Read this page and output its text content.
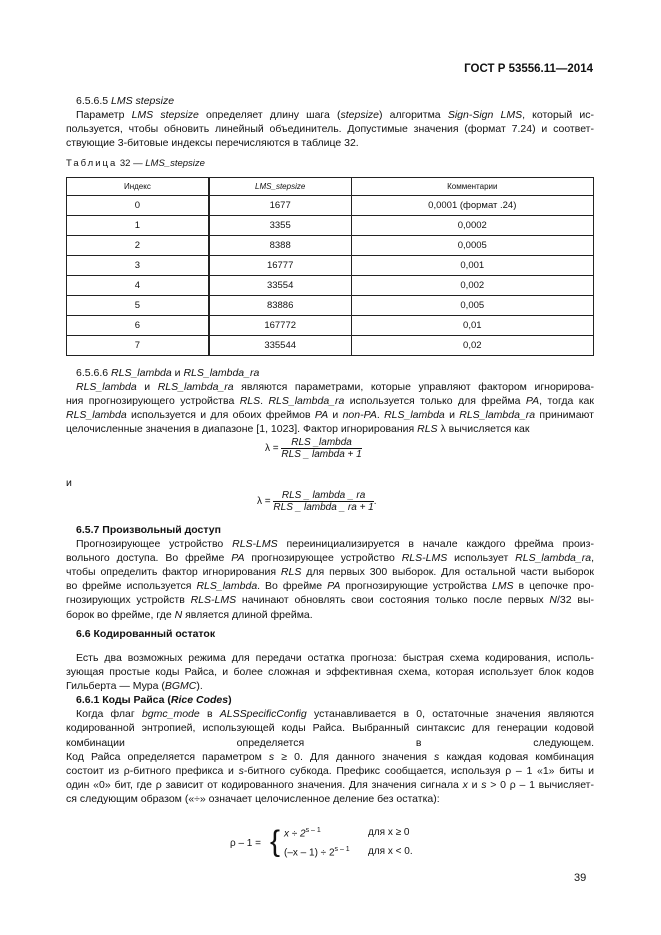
ГОСТ Р 53556.11—2014
6.5.6.5 LMS stepsize
Параметр LMS stepsize определяет длину шага (stepsize) алгоритма Sign-Sign LMS, который ис-
пользуется, чтобы обновить линейный объединитель. Допустимые значения (формат 7.24) и соответ-
ствующие 3-битовые индексы перечисляются в таблице 32.
Таблица 32 — LMS_stepsize
Индекс	LMS_stepsize	Комментарии
0	1677	0,0001 (формат .24)
1	3355	0,0002
2	8388	0,0005
3	16777	0,001
4	33554	0,002
5	83886	0,005
6	167772	0,01
7	335544	0,02
6.5.6.6 RLS_lambda и RLS_lambda_ra
RLS_lambda и RLS_lambda_ra являются параметрами, которые управляют фактором игнорирова-
ния прогнозирующего устройства RLS. RLS_lambda_ra используется только для фрейма PA, тогда как
RLS_lambda используется и для обоих фреймов PA и non-PA. RLS_lambda и RLS_lambda_ra принимают
целочисленные значения в диапазоне [1, 1023]. Фактор игнорирования RLS λ вычисляется как
$\lambda = \frac{\text{RLS \_lambda}}{\text{RLS \_ lambda + 1}}$
и
$\lambda = \frac{\text{RLS \_ lambda \_ ra}}{\text{RLS \_ lambda \_ ra + 1}}$ .
6.5.7 Произвольный доступ
Прогнозирующее устройство RLS-LMS переинициализируется в начале каждого фрейма произ-
вольного доступа. Во фрейме PA прогнозирующее устройство RLS-LMS использует RLS_lambda_ra,
чтобы определить фактор игнорирования RLS для первых 300 выборок. Для остальной части выборок
во фрейме используется RLS_lambda. Во фрейме PA прогнозирующие устройства LMS в цепочке про-
гнозирующих устройств RLS-LMS начинают обновлять свои состояния только после первых N/32 вы-
борок во фрейме, где N является длиной фрейма.
6.6 Кодированный остаток
Есть два возможных режима для передачи остатка прогноза: быстрая схема кодирования, исполь-
зующая простые коды Райса, и более сложная и эффективная схема, которая использует блок кодов
Гильберта — Мура (BGMC).
6.6.1 Коды Райса (Rice Codes)
Когда флаг bgmc_mode в ALSSpecificConfig устанавливается в 0, остаточные значения являются
кодированной энтропией, использующей коды Райса. Выбранный синтаксис для генерации кодовой
комбинации определяется в следующем.
Код Райса определяется параметром s ≥ 0. Для данного значения s каждая кодовая комбинация
состоит из ρ-битного префикса и s-битного субкода. Префикс сообщается, используя ρ – 1 «1» биты и
один «0» бит, где ρ зависит от кодированного значения. Для значения сигнала x и s > 0 ρ – 1 вычисляет-
ся следующим образом («÷» означает целочисленное деление без остатка):
ρ – 1 = { $x \div 2^{s - 1}$	для x ≥ 0
$(-x - 1) \div 2^{s - 1}$ для x < 0.
39
